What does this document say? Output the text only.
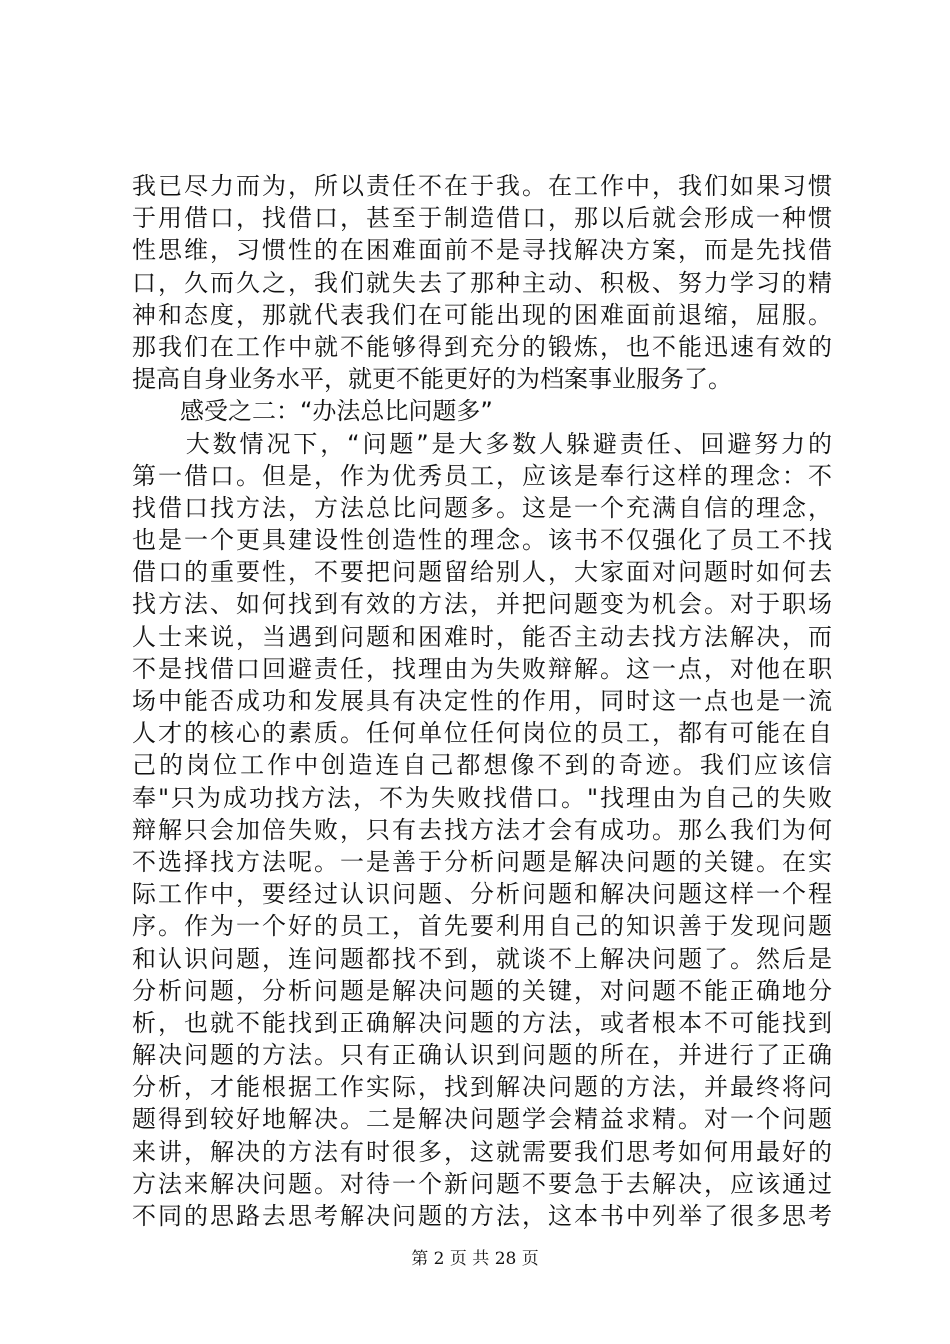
我已尽力而为，所以责任不在于我。在工作中，我们如果习惯
于用借口，找借口，甚至于制造借口，那以后就会形成一种惯
性思维，习惯性的在困难面前不是寻找解决方案，而是先找借
口，久而久之，我们就失去了那种主动、积极、努力学习的精
神和态度，那就代表我们在可能出现的困难面前退缩，屈服。
那我们在工作中就不能够得到充分的锻炼，也不能迅速有效的
提高自身业务水平，就更不能更好的为档案事业服务了。
　　感受之二：“办法总比问题多”
　　大数情况下，“问题”是大多数人躲避责任、回避努力的
第一借口。但是，作为优秀员工，应该是奉行这样的理念：不
找借口找方法，方法总比问题多。这是一个充满自信的理念，
也是一个更具建设性创造性的理念。该书不仅强化了员工不找
借口的重要性，不要把问题留给别人，大家面对问题时如何去
找方法、如何找到有效的方法，并把问题变为机会。对于职场
人士来说，当遇到问题和困难时，能否主动去找方法解决，而
不是找借口回避责任，找理由为失败辩解。这一点，对他在职
场中能否成功和发展具有决定性的作用，同时这一点也是一流
人才的核心的素质。任何单位任何岗位的员工，都有可能在自
己的岗位工作中创造连自己都想像不到的奇迹。我们应该信
奉"只为成功找方法，不为失败找借口。"找理由为自己的失败
辩解只会加倍失败，只有去找方法才会有成功。那么我们为何
不选择找方法呢。一是善于分析问题是解决问题的关键。在实
际工作中，要经过认识问题、分析问题和解决问题这样一个程
序。作为一个好的员工，首先要利用自己的知识善于发现问题
和认识问题，连问题都找不到，就谈不上解决问题了。然后是
分析问题，分析问题是解决问题的关键，对问题不能正确地分
析，也就不能找到正确解决问题的方法，或者根本不可能找到
解决问题的方法。只有正确认识到问题的所在，并进行了正确
分析，才能根据工作实际，找到解决问题的方法，并最终将问
题得到较好地解决。二是解决问题学会精益求精。对一个问题
来讲，解决的方法有时很多，这就需要我们思考如何用最好的
方法来解决问题。对待一个新问题不要急于去解决，应该通过
不同的思路去思考解决问题的方法，这本书中列举了很多思考
第 2 页 共 28 页
